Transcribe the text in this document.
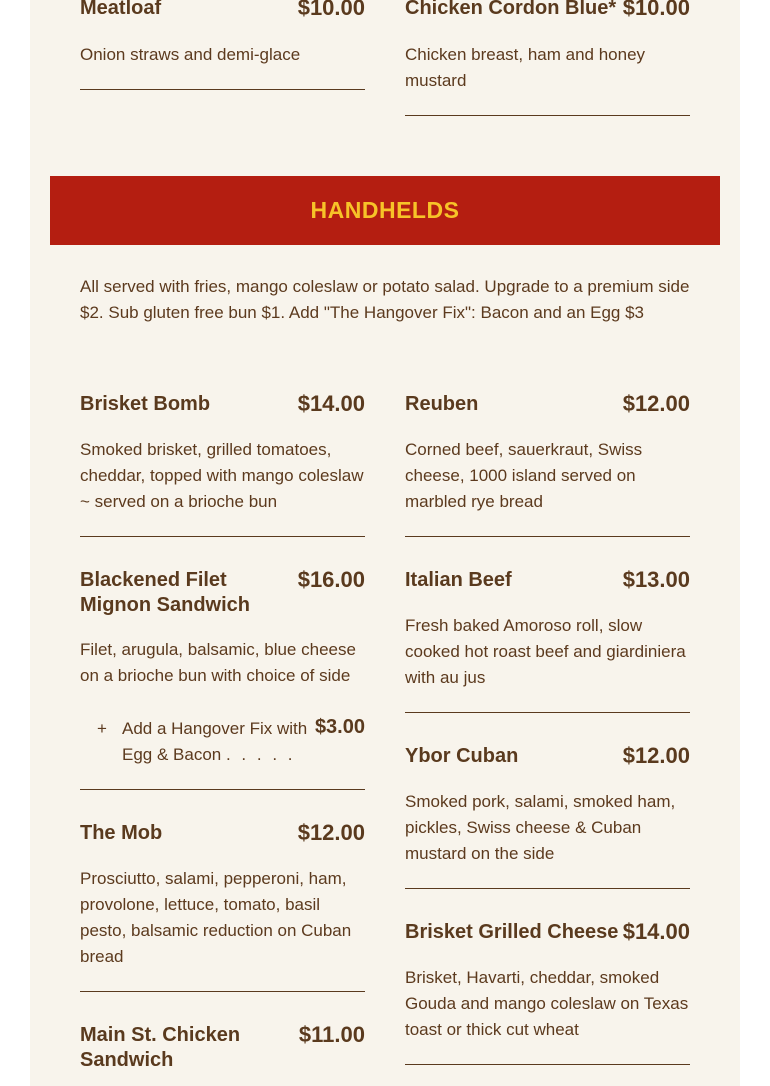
Meatloaf	$10.00
Onion straws and demi-glace
Chicken Cordon Blue* $10.00
Chicken breast, ham and honey mustard
HANDHELDS
All served with fries, mango coleslaw or potato salad. Upgrade to a premium side $2. Sub gluten free bun $1. Add "The Hangover Fix": Bacon and an Egg $3
Brisket Bomb	$14.00
Smoked brisket, grilled tomatoes, cheddar, topped with mango coleslaw ~ served on a brioche bun
Blackened Filet Mignon Sandwich
$16.00
Filet, arugula, balsamic, blue cheese on a brioche bun with choice of side
+ Add a Hangover Fix with Egg & Bacon . . . . .
$3.00
The Mob	$12.00
Prosciutto, salami, pepperoni, ham, provolone, lettuce, tomato, basil pesto, balsamic reduction on Cuban bread
Main St. Chicken Sandwich
$11.00
Reuben	$12.00
Corned beef, sauerkraut, Swiss cheese, 1000 island served on marbled rye bread
Italian Beef	$13.00
Fresh baked Amoroso roll, slow cooked hot roast beef and giardiniera with au jus
Ybor Cuban	$12.00
Smoked pork, salami, smoked ham, pickles, Swiss cheese & Cuban mustard on the side
Brisket Grilled Cheese $14.00
Brisket, Havarti, cheddar, smoked Gouda and mango coleslaw on Texas toast or thick cut wheat
